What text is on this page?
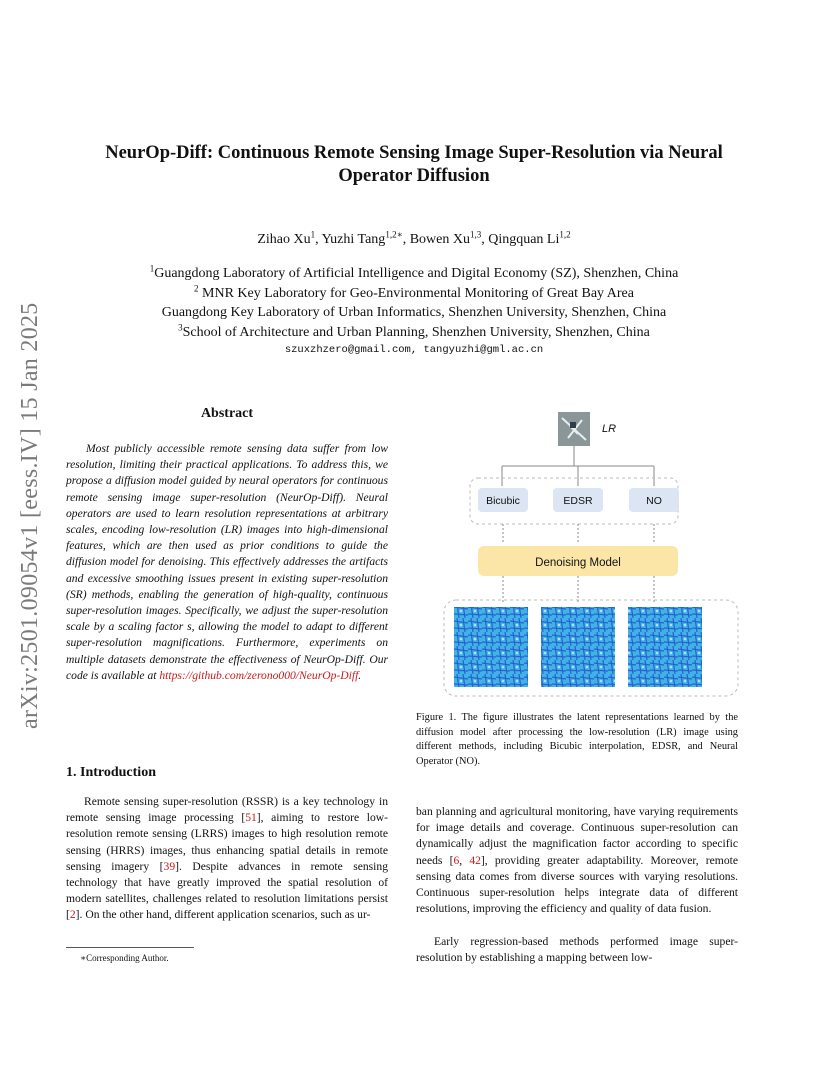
arXiv:2501.09054v1 [eess.IV] 15 Jan 2025
NeurOp-Diff: Continuous Remote Sensing Image Super-Resolution via Neural
Operator Diffusion
Zihao Xu$^1$, Yuzhi Tang$^{1,2∗}$, Bowen Xu$^{1,3}$, Qingquan Li$^{1,2}$
$^1$Guangdong Laboratory of Artificial Intelligence and Digital Economy (SZ), Shenzhen, China
$^2$ MNR Key Laboratory for Geo-Environmental Monitoring of Great Bay Area
Guangdong Key Laboratory of Urban Informatics, Shenzhen University, Shenzhen, China
$^3$School of Architecture and Urban Planning, Shenzhen University, Shenzhen, China
szuxzhzero@gmail.com, tangyuzhi@gml.ac.cn
Abstract
Most publicly accessible remote sensing data suffer from low resolution, limiting their practical applications. To address this, we propose a diffusion model guided by neural operators for continuous remote sensing image super-resolution (NeurOp-Diff). Neural operators are used to learn resolution representations at arbitrary scales, encoding low-resolution (LR) images into high-dimensional features, which are then used as prior conditions to guide the diffusion model for denoising. This effectively addresses the artifacts and excessive smoothing issues present in existing super-resolution (SR) methods, enabling the generation of high-quality, continuous super-resolution images. Specifically, we adjust the super-resolution scale by a scaling factor s, allowing the model to adapt to different super-resolution magnifications. Furthermore, experiments on multiple datasets demonstrate the effectiveness of NeurOp-Diff. Our code is available at https://github.com/zerono000/NeurOp-Diff.
1. Introduction
Remote sensing super-resolution (RSSR) is a key technology in remote sensing image processing [51], aiming to restore low-resolution remote sensing (LRRS) images to high resolution remote sensing (HRRS) images, thus enhancing spatial details in remote sensing imagery [39]. Despite advances in remote sensing technology that have greatly improved the spatial resolution of modern satellites, challenges related to resolution limitations persist [2]. On the other hand, different application scenarios, such as ur-
∗Corresponding Author.
LR
Bicubic	EDSR	NO
Denoising Model
Figure 1. The figure illustrates the latent representations learned by the diffusion model after processing the low-resolution (LR) image using different methods, including Bicubic interpolation, EDSR, and Neural Operator (NO).
ban planning and agricultural monitoring, have varying requirements for image details and coverage. Continuous super-resolution can dynamically adjust the magnification factor according to specific needs [6, 42], providing greater adaptability. Moreover, remote sensing data comes from diverse sources with varying resolutions. Continuous super-resolution helps integrate data of different resolutions, improving the efficiency and quality of data fusion.
Early regression-based methods performed image super-resolution by establishing a mapping between low-
